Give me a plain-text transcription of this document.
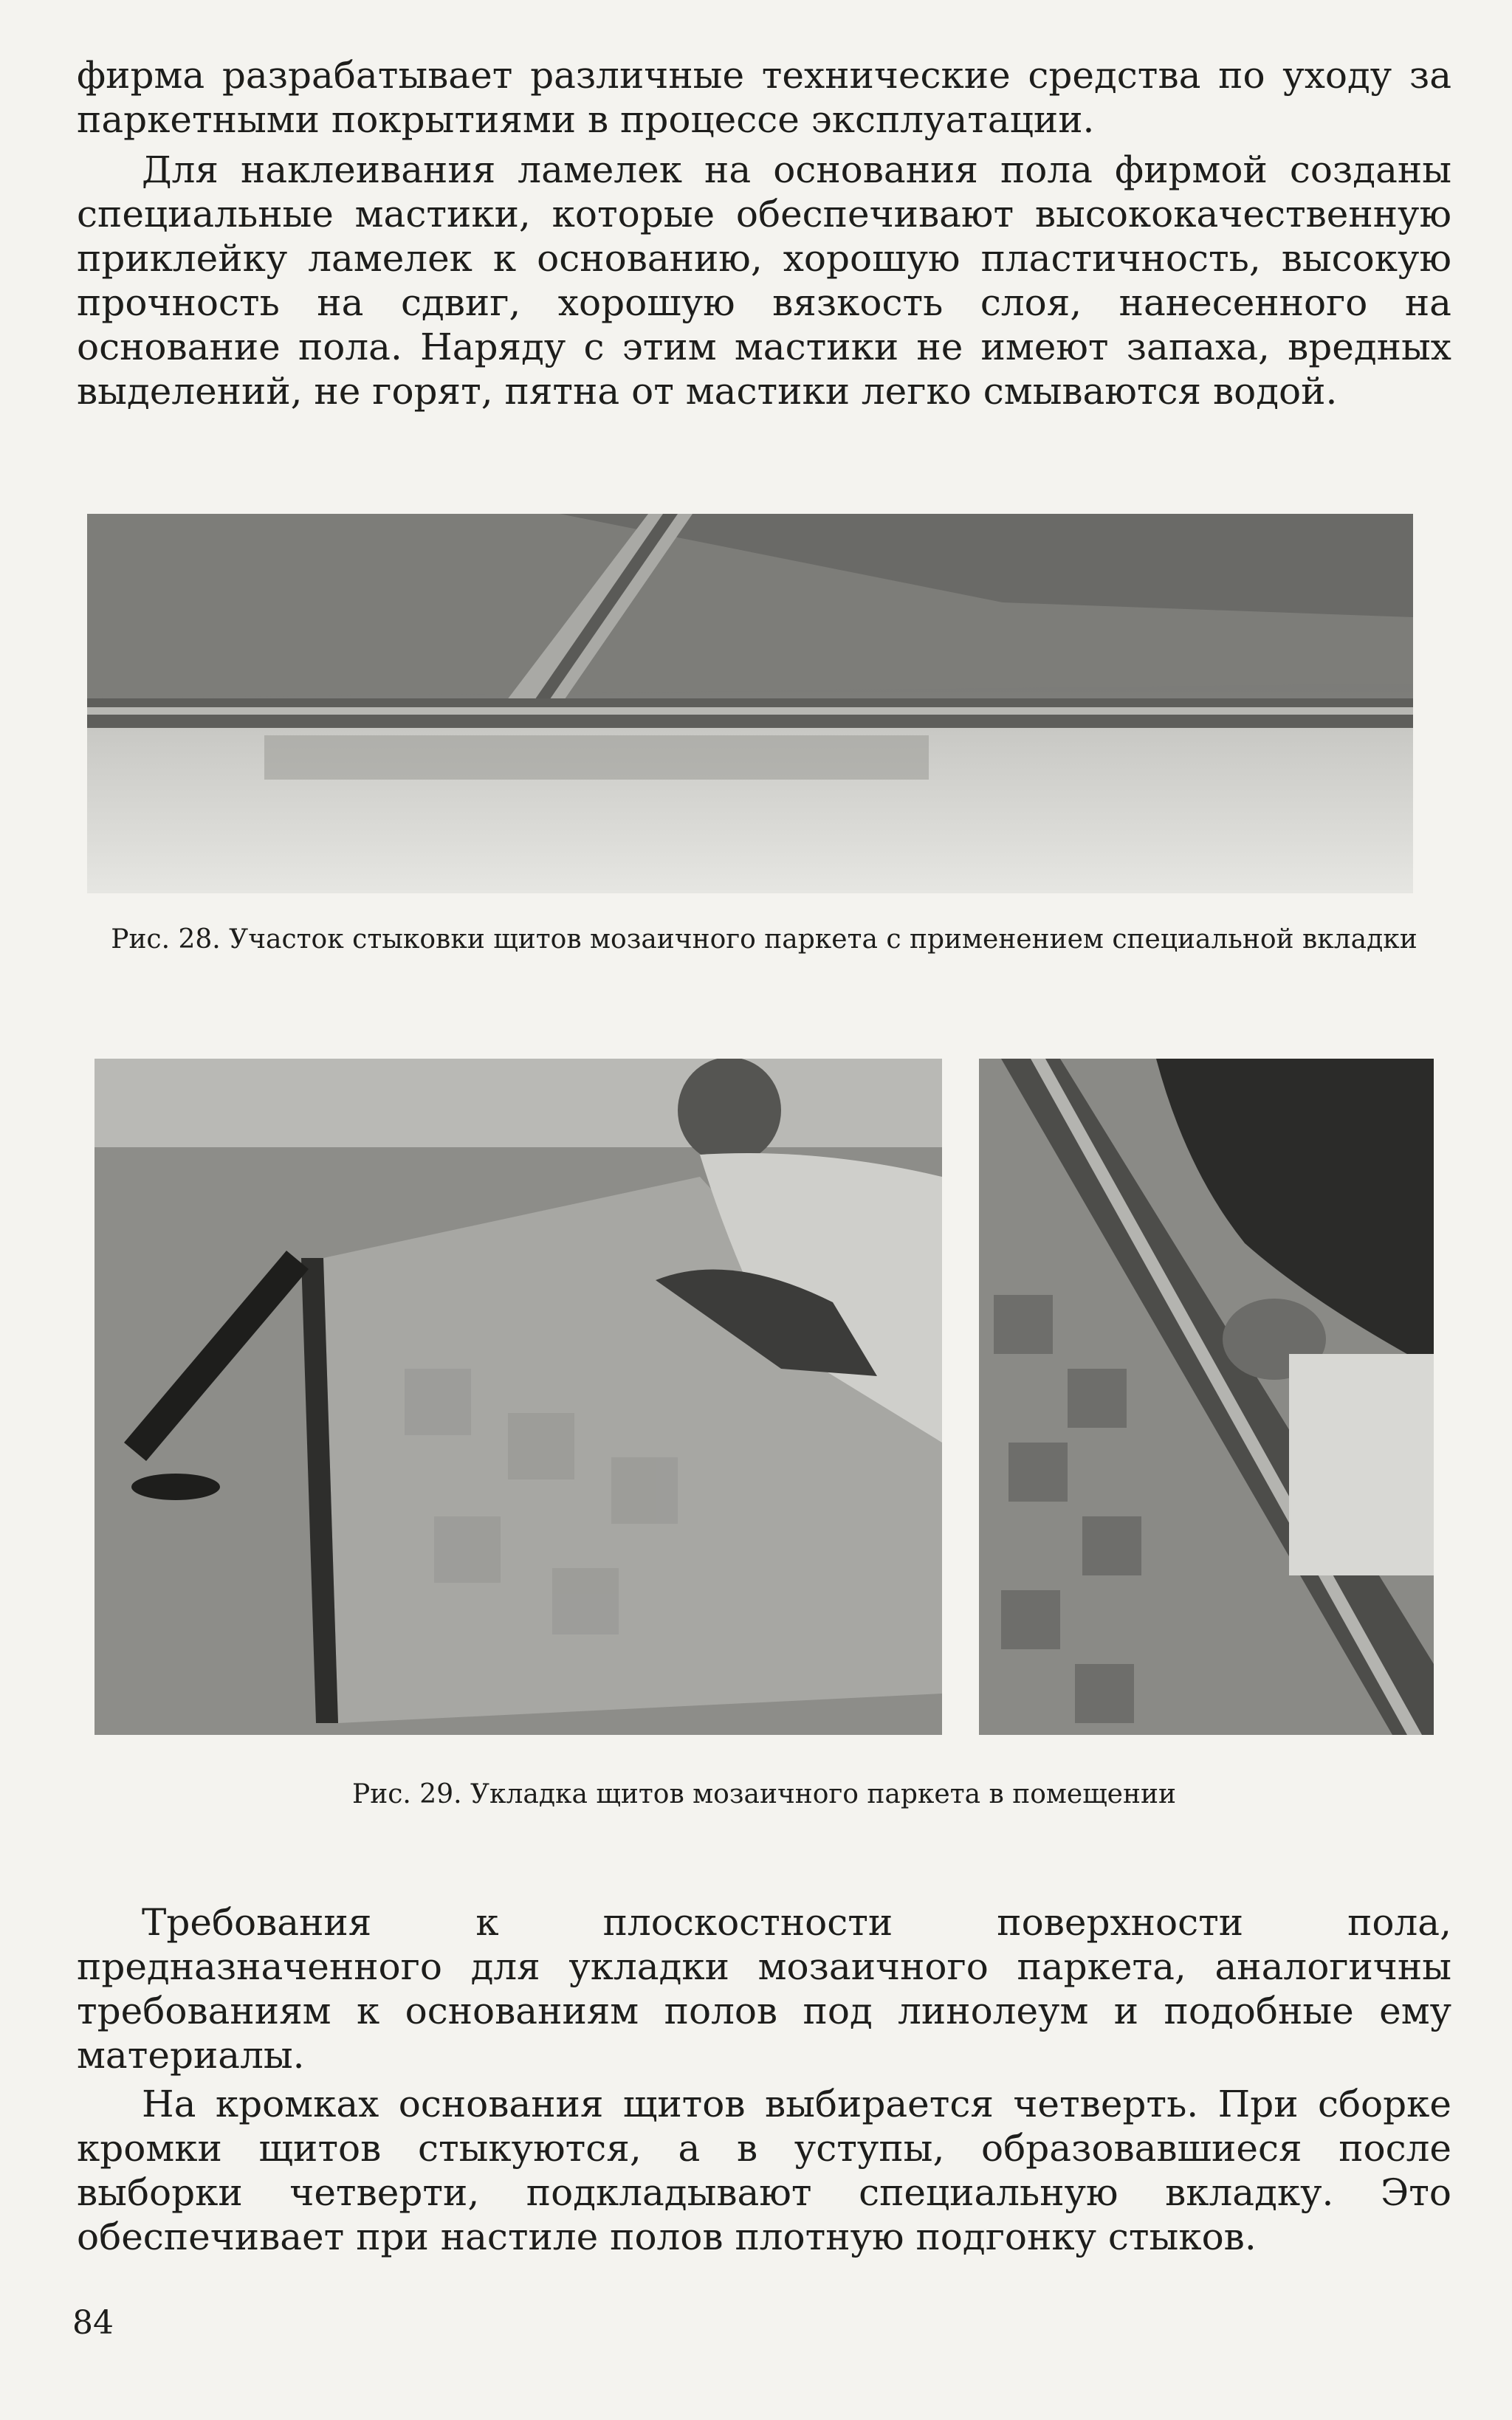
фирма разрабатывает различные технические средства по уходу за паркетными покрытиями в процессе эксплуатации.

Для наклеивания ламелек на основания пола фирмой созданы специальные мастики, которые обеспечивают высококачественную приклейку ламелек к основанию, хорошую пластичность, высокую прочность на сдвиг, хорошую вязкость слоя, нанесенного на основание пола. Наряду с этим мастики не имеют запаха, вредных выделений, не горят, пятна от мастики легко смываются водой.

Рис. 28. Участок стыковки щитов мозаичного паркета с применением специальной вкладки

Рис. 29. Укладка щитов мозаичного паркета в помещении

Требования к плоскостности поверхности пола, предназначенного для укладки мозаичного паркета, аналогичны требованиям к основаниям полов под линолеум и подобные ему материалы.

На кромках основания щитов выбирается четверть. При сборке кромки щитов стыкуются, а в уступы, образовавшиеся после выборки четверти, подкладывают специальную вкладку. Это обеспечивает при настиле полов плотную подгонку стыков.

84
